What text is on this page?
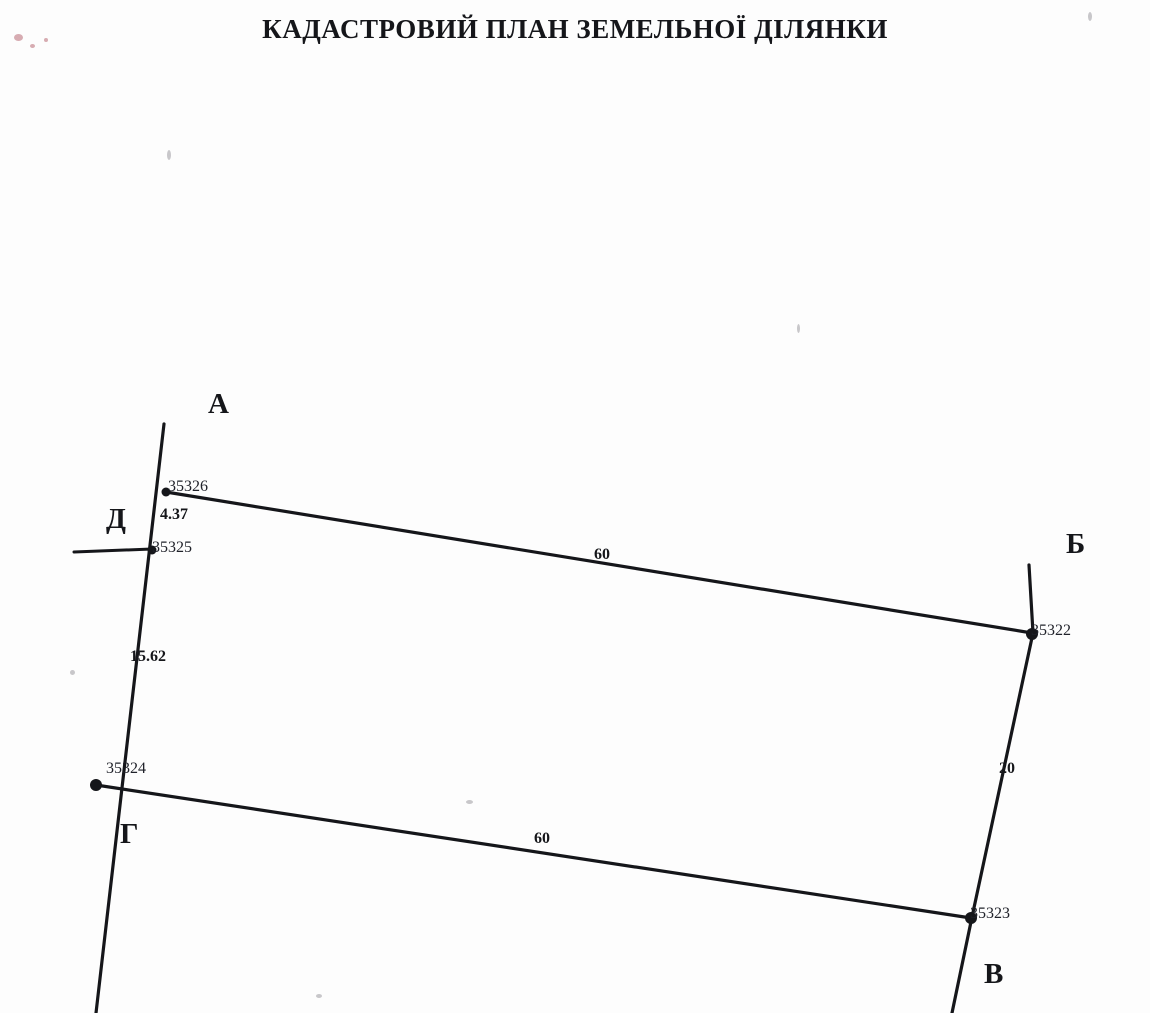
КАДАСТРОВИЙ ПЛАН ЗЕМЕЛЬНОЇ ДІЛЯНКИ
А
Б
В
Г
Д
35326
35325
35324
35323
35322
4.37
60
15.62
20
60
